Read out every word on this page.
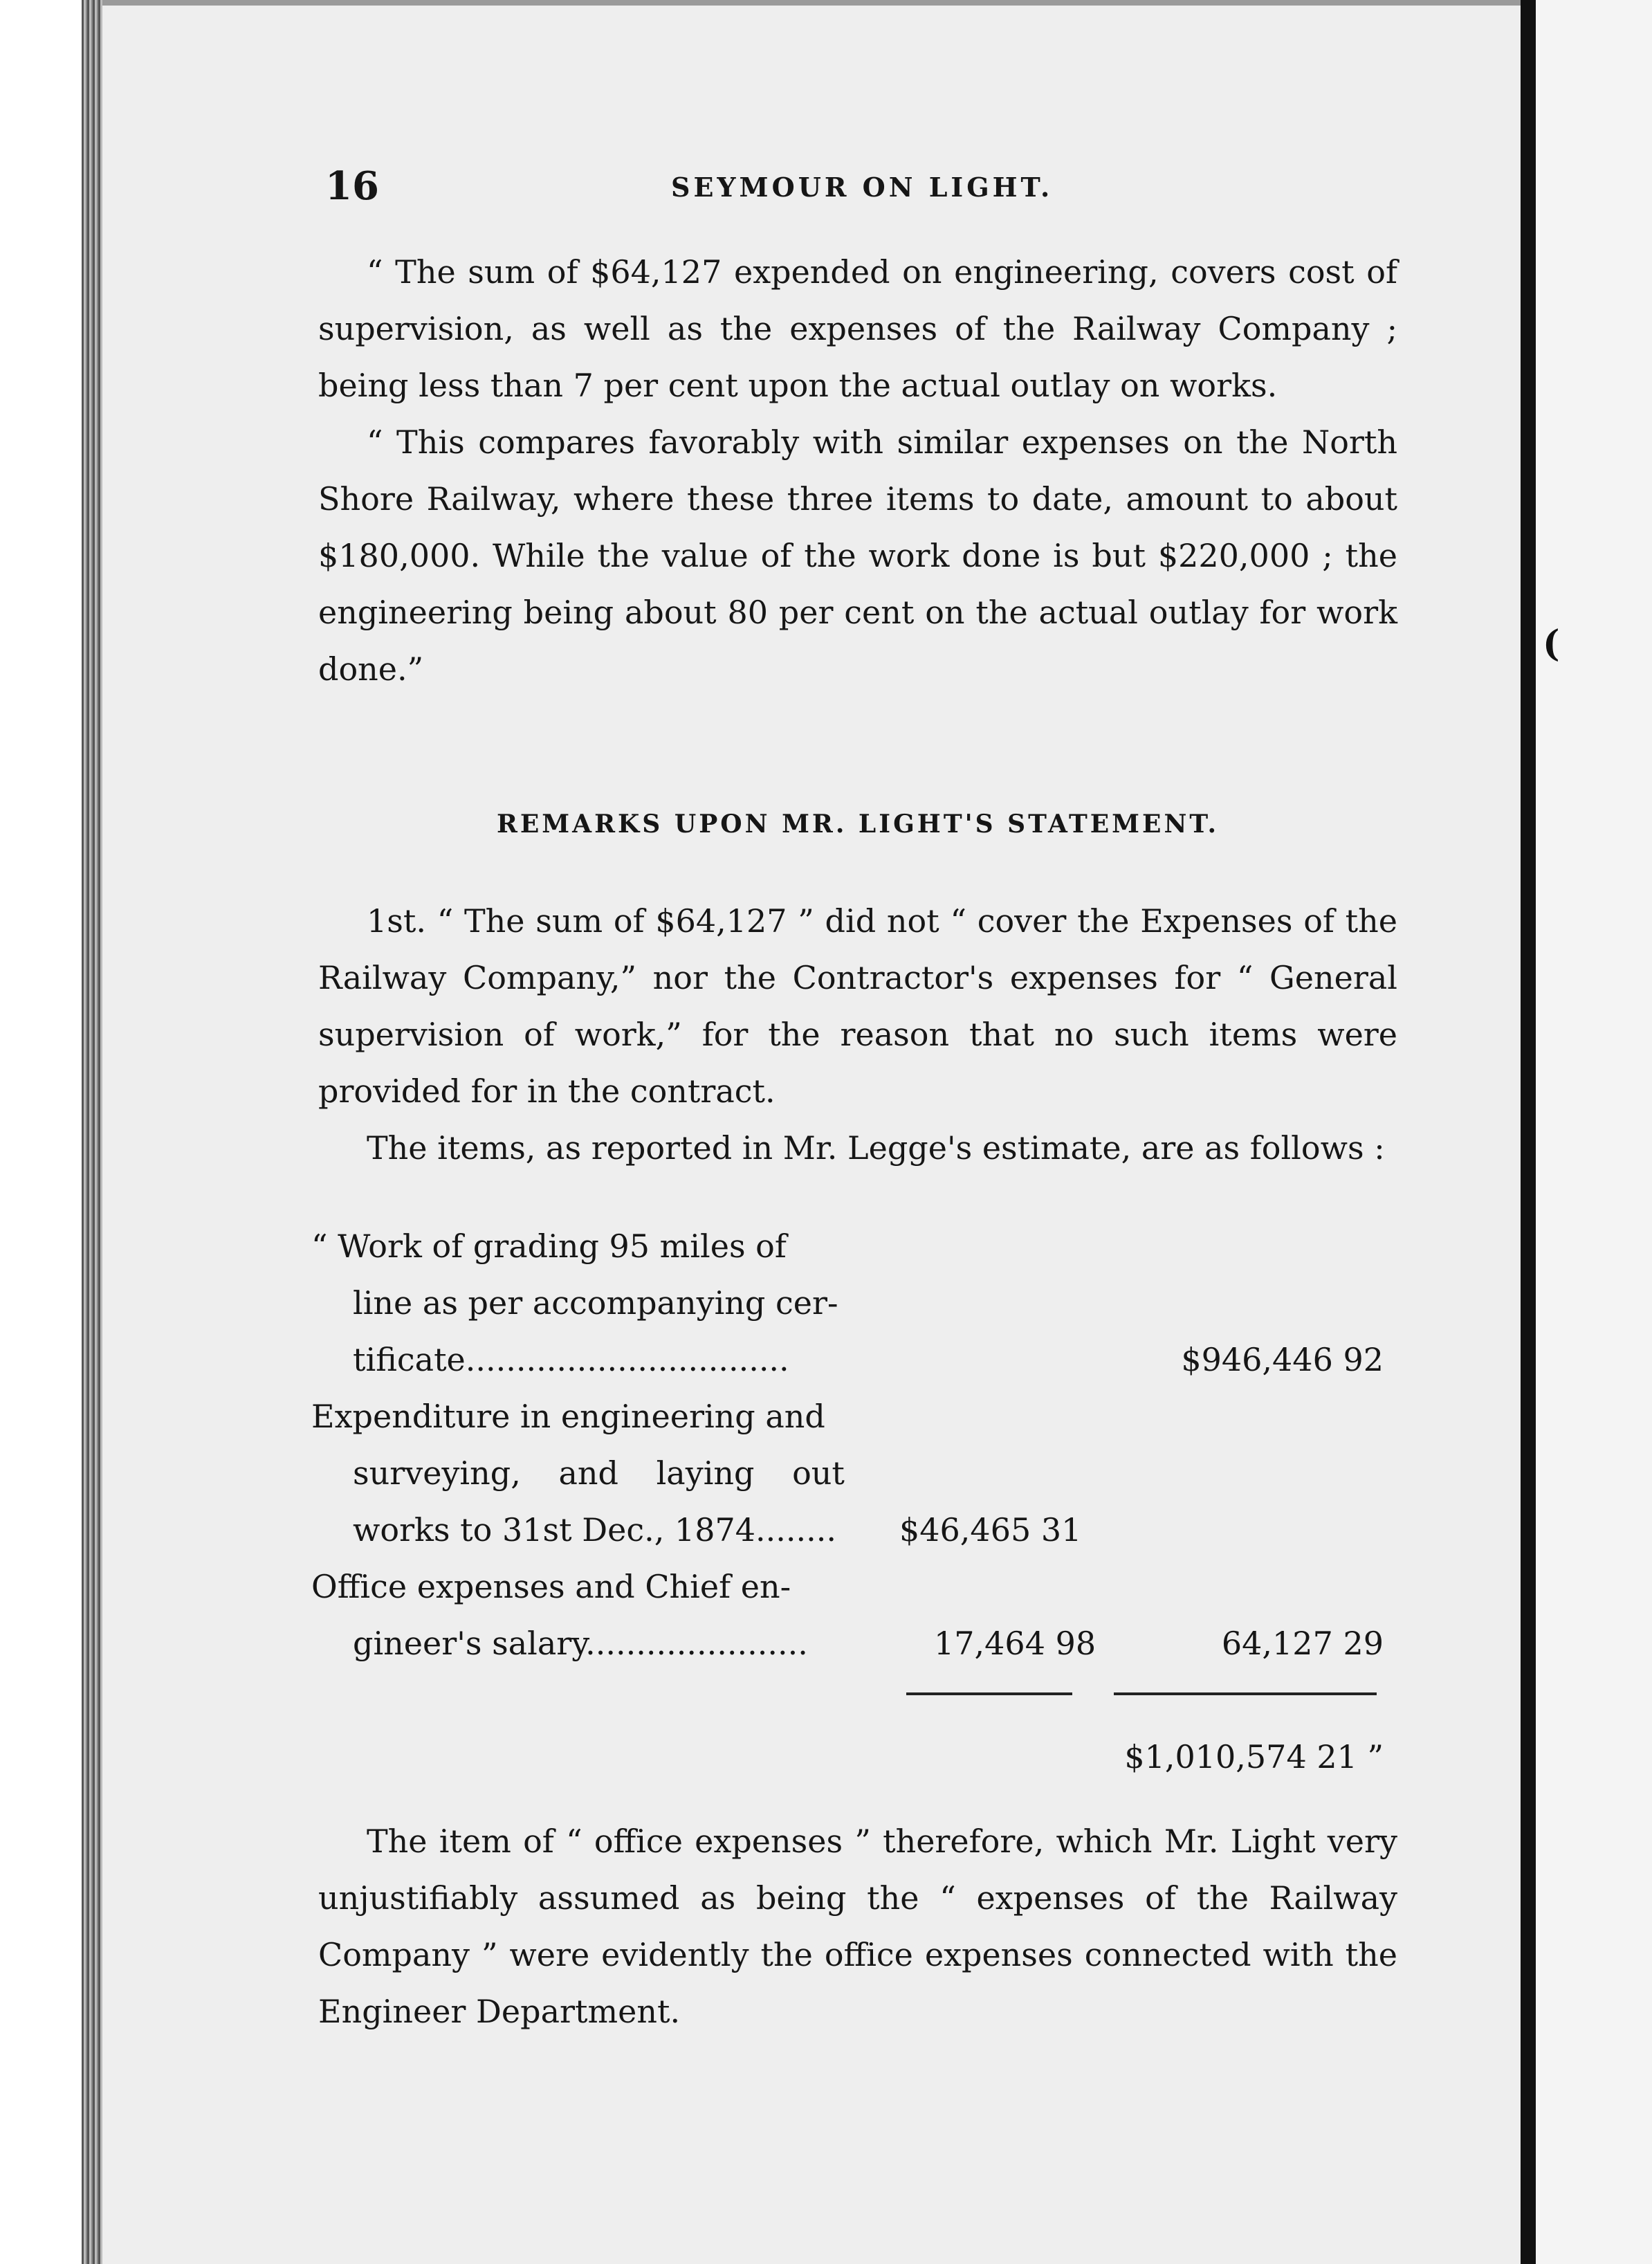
(
16	SEYMOUR ON LIGHT.

“ The sum of $64,127 expended on engineering, covers cost of supervision, as well as the expenses of the Railway Company ; being less than 7 per cent upon the actual outlay on works.

“ This compares favorably with similar expenses on the North Shore Railway, where these three items to date, amount to about $180,000. While the value of the work done is but $220,000 ; the engineering being about 80 per cent on the actual outlay for work done.”

REMARKS UPON MR. LIGHT'S STATEMENT.

1st. “ The sum of $64,127 ” did not “ cover the Expenses of the Railway Company,” nor the Contractor's expenses for “ General supervision of work,” for the reason that no such items were provided for in the contract.

The items, as reported in Mr. Legge's estimate, are as follows :

“ Work of grading 95 miles of
line as per accompanying cer-
tificate................................	$946,446 92
Expenditure in engineering and
surveying, and laying out
works to 31st Dec., 1874........ $46,465 31
Office expenses and Chief en-
gineer's salary......................	17,464 98	64,127 29
$1,010,574 21 ”

The item of “ office expenses ” therefore, which Mr. Light very unjustifiably assumed as being the “ expenses of the Railway Company ” were evidently the office expenses connected with the Engineer Department.
